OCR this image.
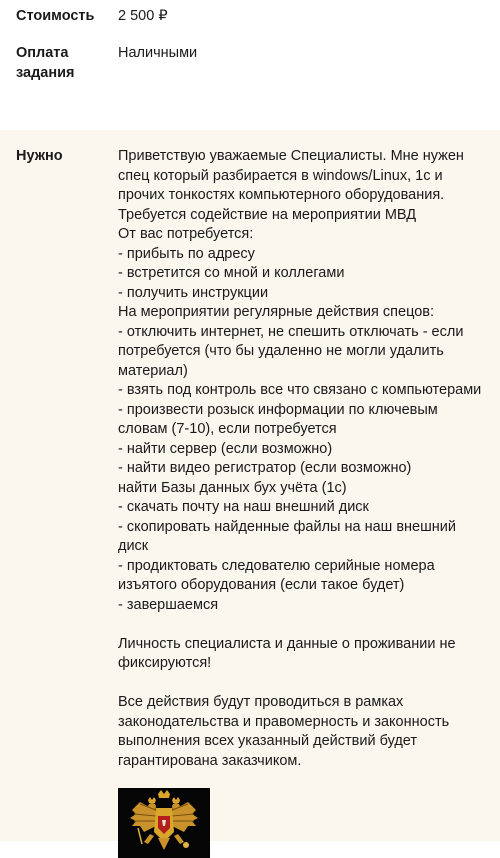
Стоимость	2 500 ₽
Оплата
задания
Наличными
Нужно	Приветствую уважаемые Специалисты. Мне нужен спец который разбирается в windows/Linux, 1с и прочих тонкостях компьютерного оборудования.
Требуется содействие на мероприятии МВД
От вас потребуется:
- прибыть по адресу
- встретится со мной и коллегами
- получить инструкции
На мероприятии регулярные действия спецов:
- отключить интернет, не спешить отключать - если потребуется (что бы удаленно не могли удалить материал)
- взять под контроль все что связано с компьютерами
- произвести розыск информации по ключевым словам (7-10), если потребуется
- найти сервер (если возможно)
- найти видео регистратор (если возможно)
найти Базы данных бух учёта (1с)
- скачать почту на наш внешний диск
- скопировать найденные файлы на наш внешний диск
- продиктовать следователю серийные номера изъятого оборудования (если такое будет)
- завершаемся

Личность специалиста и данные о проживании не фиксируются!

Все действия будут проводиться в рамках законодательства и правомерность и законность выполнения всех указанный действий будет гарантирована заказчиком.
